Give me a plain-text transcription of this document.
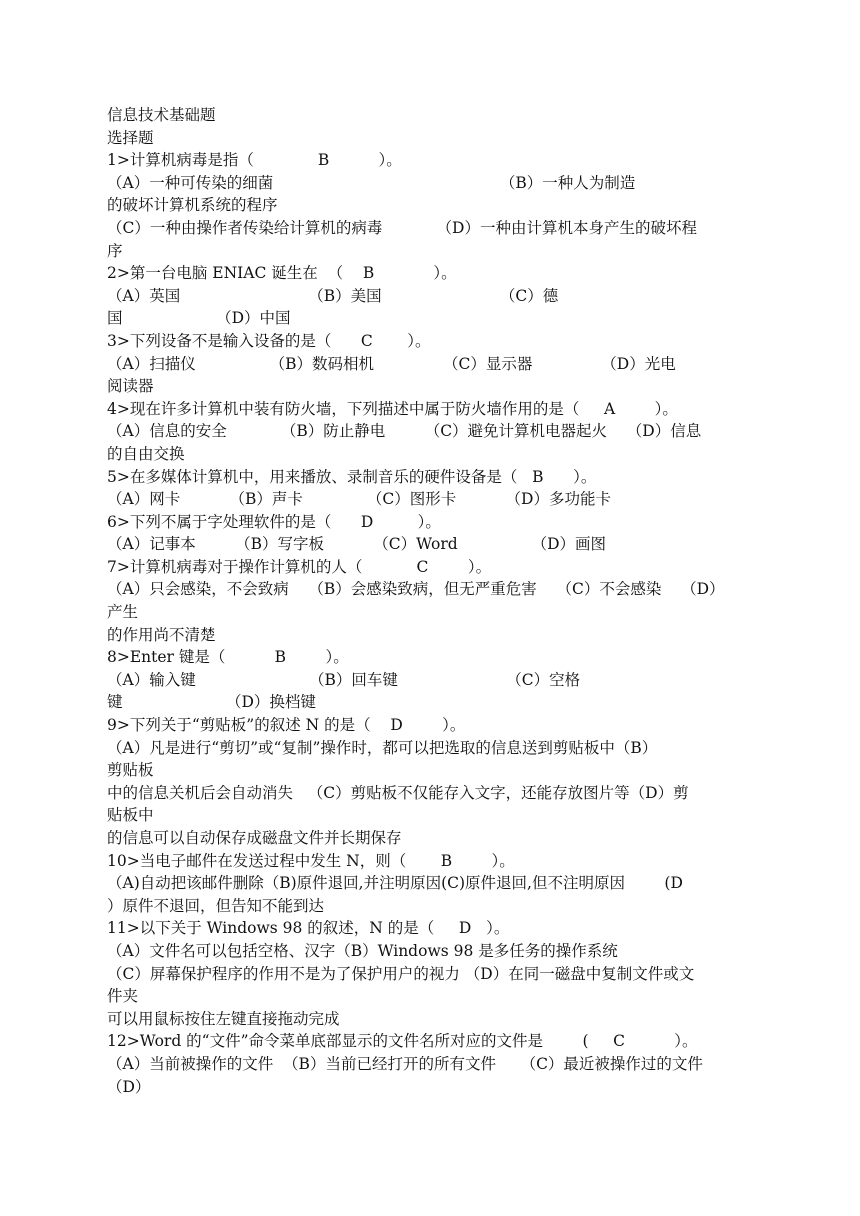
信息技术基础题
选择题
1>计算机病毒是指（             B          ）。
（A）一种可传染的细菌                                              （B）一种人为制造
的破坏计算机系统的程序
（C）一种由操作者传染给计算机的病毒           （D）一种由计算机本身产生的破坏程
序
2>第一台电脑 ENIAC 诞生在  （    B            ）。
（A）英国                          （B）美国                        （C）德
国                   （D）中国
3>下列设备不是输入设备的是（      C       ）。
（A）扫描仪               （B）数码相机              （C）显示器              （D）光电
阅读器
4>现在许多计算机中装有防火墙，下列描述中属于防火墙作用的是（     A        ）。
（A）信息的安全           （B）防止静电        （C）避免计算机电器起火    （D）信息
的自由交换
5>在多媒体计算机中，用来播放、录制音乐的硬件设备是（   B      ）。
（A）网卡          （B）声卡             （C）图形卡          （D）多功能卡
6>下列不属于字处理软件的是（      D         ）。
（A）记事本        （B）写字板          （C）Word               （D）画图
7>计算机病毒对于操作计算机的人（           C        ）。
（A）只会感染，不会致病    （B）会感染致病，但无严重危害    （C）不会感染    （D）
产生
的作用尚不清楚
8>Enter 键是（          B        ）。
（A）输入键                       （B）回车键                      （C）空格
键                     （D）换档键
9>下列关于“剪贴板”的叙述 N 的是（    D        ）。
（A）凡是进行“剪切”或“复制”操作时，都可以把选取的信息送到剪贴板中（B）
剪贴板
中的信息关机后会自动消失   （C）剪贴板不仅能存入文字，还能存放图片等（D）剪
贴板中
的信息可以自动保存成磁盘文件并长期保存
10>当电子邮件在发送过程中发生 N，则（       B        ）。
（A)自动把该邮件删除（B)原件退回,并注明原因(C)原件退回,但不注明原因        (D
）原件不退回，但告知不能到达
11>以下关于 Windows 98 的叙述，N 的是（     D   ）。
（A）文件名可以包括空格、汉字（B）Windows 98 是多任务的操作系统
（C）屏幕保护程序的作用不是为了保护用户的视力 （D）在同一磁盘中复制文件或文
件夹
可以用鼠标按住左键直接拖动完成
12>Word 的“文件”命令菜单底部显示的文件名所对应的文件是        (     C          ）。
（A）当前被操作的文件  （B）当前已经打开的所有文件     （C）最近被操作过的文件
（D）
